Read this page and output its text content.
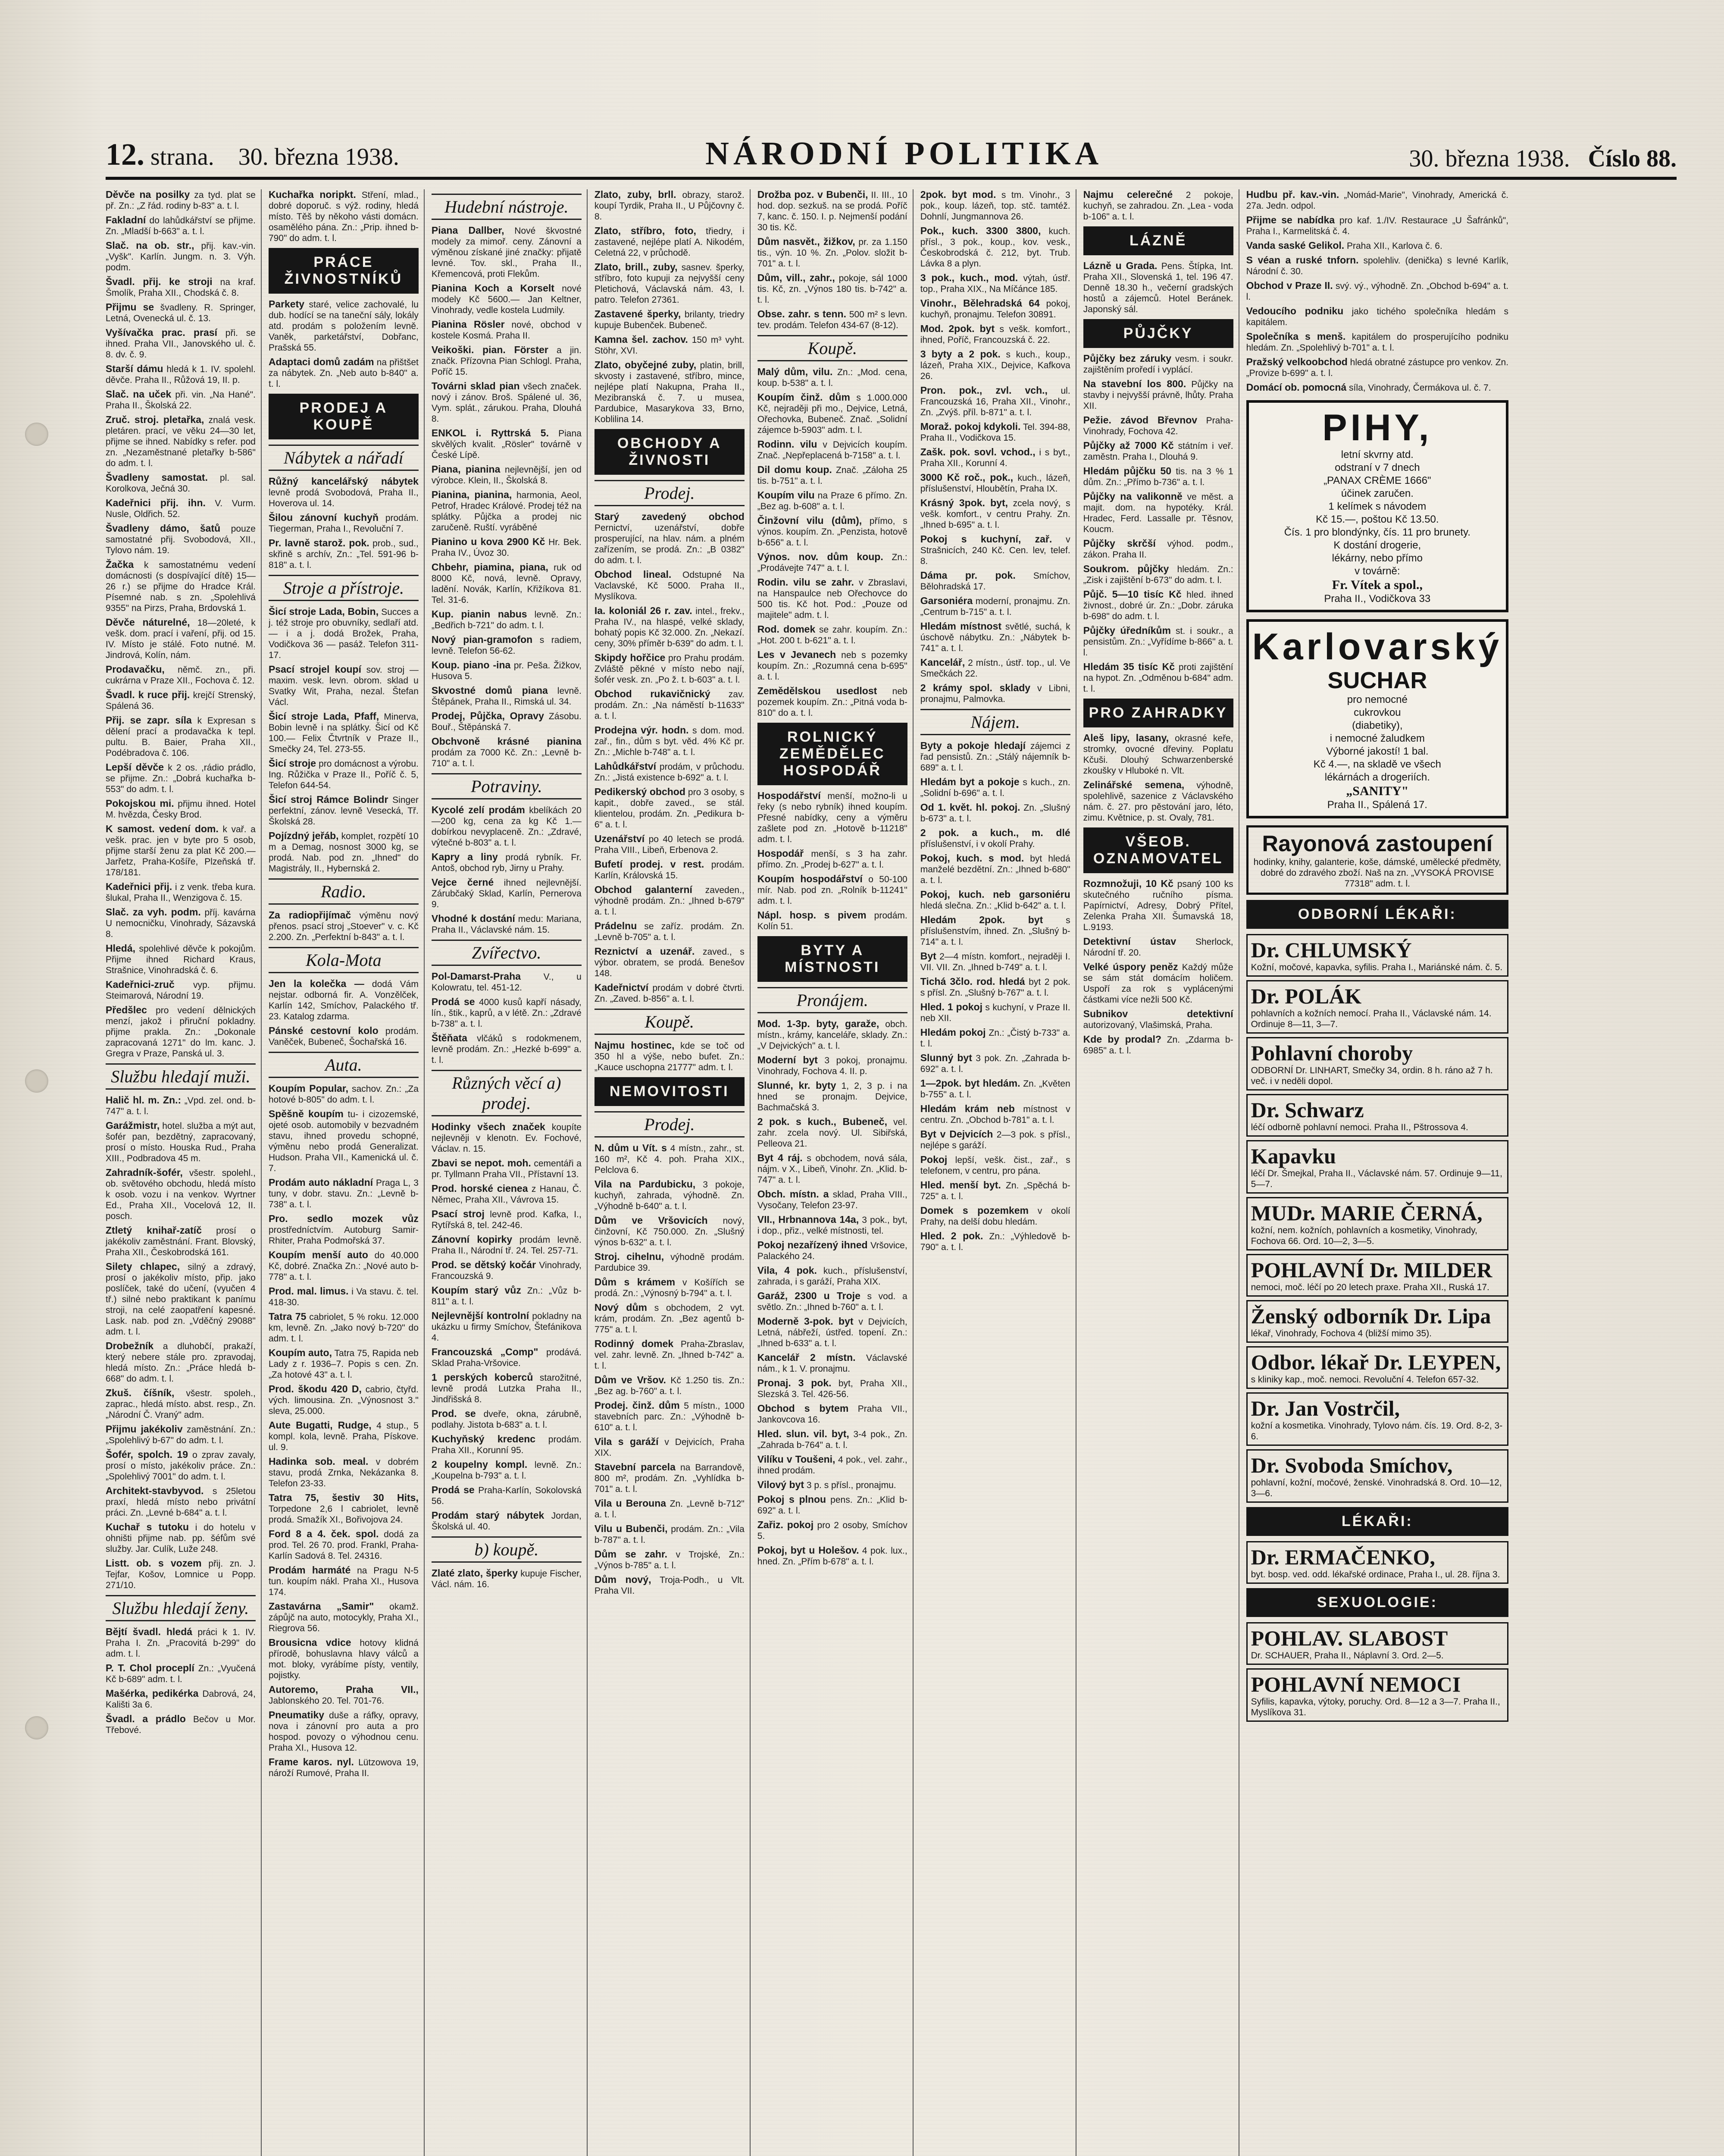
12. strana. 30. března 1938.	NÁRODNÍ POLITIKA	30. března 1938. Číslo 88.

Děvče na posilky za tyd. plat se př. Zn.: „Z řád. rodiny b-83" a. t. l.

Fakladní do lahůdkářství se přijme. Zn. „Mladší b-663" a. t. l.

Slač. na ob. str., přij. kav.-vin. „Vyšk". Karlín. Jungm. n. 3. Výh. podm.

Švadl. přij. ke stroji na kraf. Šmolík, Praha XII., Chodská č. 8.

Přijmu se švadleny. R. Springer, Letná, Ovenecká ul. č. 13.

Vyšívačka prac. prasí při. se ihned. Praha VII., Janovského ul. č. 8. dv. č. 9.

Starší dámu hledá k 1. IV. spolehl. děvče. Praha II., Růžová 19, II. p.

Slač. na uček při. vin. „Na Hané". Praha II., Školská 22.

Zruč. stroj. pletařka, znalá vesk. pletáren. prací, ve věku 24—30 let, přijme se ihned. Nabídky s refer. pod zn. „Nezaměstnané pletařky b-586" do adm. t. l.

Švadleny samostat. pl. sal. Korolkova, Ječná 30.

Kadeřnici přij. ihn. V. Vurm. Nusle, Oldřich. 52.

Švadleny dámo, šatů pouze samostatné přij. Svobodová, XII., Tylovo nám. 19.

Žačka k samostatnému vedení domácnosti (s dospívající dítě) 15—26 r.) se přijme do Hradce Král. Písemné nab. s zn. „Spolehlivá 9355" na Pirzs, Praha, Brdovská 1.

Děvče náturelné, 18—20leté, k vešk. dom. prací i vaření, přij. od 15. IV. Místo je stálé. Foto nutné. M. Jindrová, Kolín, nám.

Prodavačku, němč. zn., při. cukrárna v Praze XII., Fochova č. 12.

Švadl. k ruce přij. krejčí Strenský, Spálená 36.

Přij. se zapr. síla k Expresan s dělení prací a prodavačka k tepl. pultu. B. Baier, Praha XII., Podébradova č. 106.

Lepší děvče k 2 os. ,rádio prádlo, se přijme. Zn.: „Dobrá kuchařka b-553" do adm. t. l.

Pokojskou mi. přijmu ihned. Hotel M. hvězda, Česky Brod.

K samost. vedení dom. k vař. a vešk. prac. jen v byte pro 5 osob, přijme starší ženu za plat Kč 200.— Jarřetz, Praha-Košíře, Plzeňská tř. 178/181.

Kadeřnici přij. i z venk. třeba kura. šlukal, Praha II., Wenzigova č. 15.

Slač. za vyh. podm. příj. kavárna U nemocničku, Vinohrady, Sázavská 8.

Hledá, spolehlivé děvče k pokojům. Přijme ihned Richard Kraus, Strašnice, Vinohradská č. 6.

Kadeřnici-zruč vyp. přijmu. Steimarová, Národní 19.

Předšlec pro vedení dělnických menzí, jakož i přiruční pokladny. přijme prakla. Zn.: „Dokonale zapracovaná 1271" do lm. kanc. J. Gregra v Praze, Panská ul. 3.

Službu hledají muži.

Halič hl. m. Zn.: „Vpd. zel. ond. b-747" a. t. l.

Garážmistr, hotel. služba a mýt aut, šofér pan, bezdětný, zapracovaný, prosí o místo. Houska Rud., Praha XIII., Podbradova 45 m.

Zahradník-šofér, všestr. spolehl., ob. světového obchodu, hledá místo k osob. vozu i na venkov. Wyrtner Ed., Praha XII., Vocelová 12, II. posch.

Ztletý knihař-zatíč prosí o jakékoliv zaměstnání. Frant. Blovský, Praha XII., Českobrodská 161.

Silety chlapec, silný a zdravý, prosí o jakékoliv místo, přip. jako poslíček, také do učení, (vyučen 4 tř.) silné nebo praktikant k panímu stroji, na celé zaopatření kapesné. Lask. nab. pod zn. „Vděčný 29088" adm. t. l.

Drobežník a dluhobčí, prakaží, který nebere stále pro. zpravodaj, hledá místo. Zn.: „Práce hledá b-668" do adm. t. l.

Zkuš. číšník, všestr. spoleh., zaprac., hledá místo. abst. resp., Zn. „Národní Č. Vraný" adm.

Přijmu jakékoliv zaměstnání. Zn.: „Spolehlivý b-67" do adm. t. l.

Šofér, spolch. 19 o zprav zavaly, prosí o místo, jakékoliv práce. Zn.: „Spolehlivý 7001" do adm. t. l.

Architekt-stavbyvod. s 25letou praxí, hledá místo nebo privátní práci. Zn. „Levné b-684" a. t. l.

Kuchař s tutoku i do hotelu v ohništi přijme nab. pp. šéfům své služby. Jar. Culík, Luže 248.

Listt. ob. s vozem přij. zn. J. Tejfar, Košov, Lomnice u Popp. 271/10.

Službu hledají ženy.

Bějtí švadl. hledá práci k 1. IV. Praha I. Zn. „Pracovitá b-299" do adm. t. l.

P. T. Chol proceplí Zn.: „Vyučená Kč b-689" adm. t. l.

Mašérka, pedikérka Dabrová, 24, Kališti 3a 6.

Švadl. a prádlo Bečov u Mor. Třebové.

Kuchařka noripkt. Stření, mlad., dobré doporuč. s výž. rodiny, hledá místo. Těš by někoho vásti domácn. osamělého pána. Zn.: „Prip. ihned b-790" do adm. t. l.

PRÁCE ŽIVNOSTNÍKŮ

Parkety staré, velice zachovalé, lu dub. hodící se na taneční sály, lokály atd. prodám s položením levně. Vaněk, parketářství, Dobřanc, Prašská 55.

Adaptaci domů zadám na přištšet za nábytek. Zn. „Neb auto b-840" a. t. l.

PRODEJ A KOUPĚ
Nábytek a nářadí

Růžný kancelářský nábytek levně prodá Svobodová, Praha II., Hoverova ul. 14.

Šilou zánovní kuchyň prodám. Tiegerman, Praha I., Revoluční 7.

Pr. lavně starož. pok. prob., sud., skřině s archív, Zn.: „Tel. 591-96 b-818" a. t. l.

Stroje a přístroje.

Šicí stroje Lada, Bobin, Succes a j. též stroje pro obuvníky, sedlaří atd. — i a j. dodá Brožek, Praha, Vodičkova 36 — pasáž. Telefon 311-17.

Psací strojel koupí sov. stroj — maxim. vesk. levn. obrom. sklad u Svatky Wit, Praha, nezal. Štefan Václ.

Šicí stroje Lada, Pfaff, Minerva, Bobin levně i na splátky. Šicí od Kč 100.— Felix Čtvrtník v Praze II., Smečky 24, Tel. 273-55.

Šicí stroje pro domácnost a výrobu. Ing. Růžička v Praze II., Poříč č. 5, Telefon 644-54.

Šicí stroj Rámce Bolindr Singer perfektní, zánov. levně Vesecká, Tř. Školská 28.

Pojízdný jeřáb, komplet, rozpětí 10 m a Demag, nosnost 3000 kg, se prodá. Nab. pod zn. „Ihned" do Magistrály, II., Hybernská 2.

Radio.

Za radiopřijímač výměnu nový přenos. psací stroj „Stoever" v. c. Kč 2.200. Zn. „Perfektní b-843" a. t. l.

Kola-Mota

Jen la kolečka — dodá Vám nejstar. odborná fir. A. Vonzělček, Karlín 142, Smíchov, Palackého tř. 23. Katalog zdarma.

Pánské cestovní kolo prodám. Vaněček, Bubeneč, Šochařská 16.

Auta.

Koupím Popular, sachov. Zn.: „Za hotové b-805" do adm. t. l.

Spěšně koupím tu- i cizozemské, ojeté osob. automobily v bezvadném stavu, ihned provedu schopné, výměnu nebo prodá Generalizat. Hudson. Praha VII., Kamenická ul. č. 7.

Prodám auto nákladní Praga L, 3 tuny, v dobr. stavu. Zn.: „Levně b-738" a. t. l.

Pro. sedlo mozek vůz prostředníctvím. Autoburg Samir-Rhiter, Praha Podmořská 37.

Koupím menší auto do 40.000 Kč, dobré. Značka Zn.: „Nové auto b-778" a. t. l.

Prod. mal. limus. i Va stavu. č. tel. 418-30.

Tatra 75 cabriolet, 5 % roku. 12.000 km, levně. Zn. „Jako nový b-720" do adm. t. l.

Koupím auto, Tatra 75, Rapida neb Lady z r. 1936–7. Popis s cen. Zn. „Za hotové 43" a. t. l.

Prod. škodu 420 D, cabrio, čtyřd. vých. limousina. Zn. „Výnosnost 3." sleva, 25.000.

Aute Bugatti, Rudge, 4 stup., 5 kompl. kola, levně. Praha, Pískove. ul. 9.

Hadinka sob. meal. v dobrém stavu, prodá Zrnka, Nekázanka 8. Telefon 23-33.

Tatra 75, šestiv 30 Hits, Torpedone 2,6 l cabriolet, levně prodá. Smažík XI., Bořivojova 24.

Ford 8 a 4. ček. spol. dodá za prod. Tel. 26 70. prod. Frankl, Praha-Karlín Sadová 8. Tel. 24316.

Prodám harmáté na Pragu N-5 tun. koupím nákl. Praha XI., Husova 174.

Zastavárna „Samir" okamž. zápůjč na auto, motocykly, Praha XI., Riegrova 56.

Brousicna vdice hotovy klidná přírodě, bohuslavna hlavy válců a mot. bloky, vyrábíme písty, ventily, pojistky.

Autoremo, Praha VII., Jablonského 20. Tel. 701-76.

Pneumatiky duše a ráfky, opravy, nova i zánovní pro auta a pro hospod. povozy o výhodnou cenu. Praha XI., Husova 12.

Frame karos. nyl. Lützowova 19, nároží Rumové, Praha II.

Hudební nástroje.

Piana Dallber, Nové škvostné modely za mimoř. ceny. Zánovní a výměnou získané jiné značky: přijatě levné. Tov. skl., Praha II., Křemencová, proti Flekům.

Pianina Koch a Korselt nové modely Kč 5600.— Jan Keltner, Vinohrady, vedle kostela Ludmily.

Pianina Rösler nové, obchod v kostele Kosmá. Praha II.

Veikoški. pian. Förster a jin. značk. Přízovna Pian Schlogl. Praha, Poříč 15.

Továrni sklad pian všech značek. nový i zánov. Broš. Spálené ul. 36, Vym. splát., zárukou. Praha, Dlouhá 8.

ENKOL i. Ryttrská 5. Piana skvělých kvalit. „Rösler" továrně v České Lípě.

Piana, pianina nejlevnější, jen od výrobce. Klein, II., Školská 8.

Pianina, pianina, harmonia, Aeol, Petrof, Hradec Králové. Prodej též na splátky. Půjčka a prodej nic zaručeně. Ruští. vyráběné

Pianino u kova 2900 Kč Hr. Bek. Praha IV., Úvoz 30.

Chbehr, piamina, piana, ruk od 8000 Kč, nová, levně. Opravy, ladění. Novák, Karlín, Křižíkova 81. Tel. 31-6.

Kup. pianin nabus levně. Zn.: „Bedřich b-721" do adm. t. l.

Nový pian-gramofon s radiem, levně. Telefon 56-62.

Koup. piano -ina pr. Peša. Žižkov, Husova 5.

Skvostné domů piana levně. Štěpánek, Praha II., Rimská ul. 34.

Prodej, Půjčka, Opravy Zásobu. Bouř., Štěpánská 7.

Obchvoně krásné pianina prodám za 7000 Kč. Zn.: „Levně b-710" a. t. l.

Potraviny.

Kycolé zelí prodám kbelíkách 20—200 kg, cena za kg Kč 1.— dobírkou nevyplaceně. Zn.: „Zdravé, výtečné b-803" a. t. l.

Kapry a liny prodá rybník. Fr. Antoš, obchod ryb, Jirny u Prahy.

Vejce černé ihned nejlevnější. Zárubčaký Sklad, Karlín, Pernerova 9.

Vhodné k dostání medu: Mariana, Praha II., Václavské nám. 15.

Zvířectvo.

Pol-Damarst-Praha V., u Kolowratu, tel. 451-12.

Prodá se 4000 kusů kapří násady, lín., štik., kaprů, a v létě. Zn.: „Zdravé b-738" a. t. l.

Štěňata vlčáků s rodokmenem, levně prodám. Zn.: „Hezké b-699" a. t. l.

Různých věcí a) prodej.

Hodinky všech značek koupíte nejlevněji v klenotn. Ev. Fochové, Václav. n. 15.

Zbavi se nepot. moh. cementáři a pr. Tyllmann Praha VII., Přístavní 13.

Prod. horské cienea z Hanau, Č. Němec, Praha XII., Vávrova 15.

Psací stroj levně prod. Kafka, I., Rytířská 8, tel. 242-46.

Zánovní kopirky prodám levně. Praha II., Národní tř. 24. Tel. 257-71.

Prod. se dětský kočár Vinohrady, Francouzská 9.

Koupím starý vůz Zn.: „Vůz b-811" a. t. l.

Nejlevnější kontrolní pokladny na ukázku u firmy Smíchov, Štefánikova 4.

Francouzská „Comp" prodává. Sklad Praha-Vršovice.

1 perských koberců starožitné, levně prodá Lutzka Praha II., Jindřišská 8.

Prod. se dveře, okna, zárubně, podlahy. Jistota b-683" a. t. l.

Kuchyňský kredenc prodám. Praha XII., Korunní 95.

2 koupelny kompl. levně. Zn.: „Koupelna b-793" a. t. l.

Prodá se Praha-Karlín, Sokolovská 56.

Prodám starý nábytek Jordan, Školská ul. 40.

b) koupě.

Zlaté zlato, šperky kupuje Fischer, Václ. nám. 16.

Zlato, zuby, brll. obrazy, starož. koupí Tyrdik, Praha II., U Půjčovny č. 8.

Zlato, stříbro, foto, třiedry, i zastavené, nejlépe platí A. Nikodém, Celetná 22, v průchodě.

Zlato, brill., zuby, sasnev. šperky, stříbro, foto kupuji za nejvyšší ceny Pletichová, Václavská nám. 43, I. patro. Telefon 27361.

Zastavené šperky, brilanty, triedry kupuje Bubenček. Bubeneč.

Kamna šel. zachov. 150 m³ vyht. Stöhr, XVI.

Zlato, obyčejné zuby, platin, brill, skvosty i zastavené, stříbro, mince, nejlépe platí Nakupna, Praha II., Mezibranská č. 7. u musea, Pardubice, Masarykova 33, Brno, Koblilina 14.

OBCHODY A ŽIVNOSTI
Prodej.

Starý zavedený obchod Pernictví, uzenářství, dobře prosperující, na hlav. nám. a plném zařízením, se prodá. Zn.: „B 0382" do adm. t. l.

Obchod lineal. Odstupné Na Vaclavské, Kč 5000. Praha II., Myslíkova.

Ia. koloniál 26 r. zav. intel., frekv., Praha IV., na hlaspé, velké sklady, bohatý popis Kč 32.000. Zn. „Nekazí. ceny, 30% příměr b-639" do adm. t. l.

Skipdy hořčice pro Prahu prodám. Zvláště pěkné v místo nebo nají, šofér vesk. zn. „Po ž. t. b-603" a. t. l.

Obchod rukavičnický zav. prodám. Zn.: „Na náměstí b-11633" a. t. l.

Prodejna výr. hodn. s dom. mod. zař., fin., dům s byt. věd. 4% Kč pr. Zn.: „Michle b-748" a. t. l.

Lahůdkářství prodám, v průchodu. Zn.: „Jistá existence b-692" a. t. l.

Pedikerský obchod pro 3 osoby, s kapit., dobře zaved., se stál. klientelou, prodám. Zn. „Pedikura b-6" a. t. l.

Uzenářství po 40 letech se prodá. Praha VIII., Libeň, Erbenova 2.

Bufetí prodej. v rest. prodám. Karlín, Královská 15.

Obchod galanterní zaveden., výhodně prodám. Zn.: „Ihned b-679" a. t. l.

Prádelnu se zaříz. prodám. Zn. „Levně b-705" a. t. l.

Reznictví a uzenář. zaved., s výbor. obratem, se prodá. Benešov 148.

Kadeřnictví prodám v dobré čtvrti. Zn. „Zaved. b-856" a. t. l.

Koupě.

Najmu hostinec, kde se toč od 350 hl a výše, nebo bufet. Zn.: „Kauce uschopna 21777" adm. t. l.

NEMOVITOSTI
Prodej.

N. dům u Vít. s 4 místn., zahr., st. 160 m², Kč 4. poh. Praha XIX., Pelclova 6.

Vila na Pardubicku, 3 pokoje, kuchyň, zahrada, výhodně. Zn. „Výhodně b-640" a. t. l.

Dům ve Vršovicích nový, činžovní, Kč 750.000. Zn. „Slušný výnos b-632" a. t. l.

Stroj. cihelnu, výhodně prodám. Pardubice 39.

Dům s krámem v Košířích se prodá. Zn.: „Výnosný b-794" a. t. l.

Nový dům s obchodem, 2 vyt. krám, prodám. Zn. „Bez agentů b-775" a. t. l.

Rodinný domek Praha-Zbraslav, vel. zahr. levně. Zn. „Ihned b-742" a. t. l.

Dům ve Vršov. Kč 1.250 tis. Zn.: „Bez ag. b-760" a. t. l.

Prodej. činž. dům 5 místn., 1000 stavebních parc. Zn.: „Výhodně b-610" a. t. l.

Vila s garáží v Dejvicích, Praha XIX.

Stavební parcela na Barrandově, 800 m², prodám. Zn. „Vyhlídka b-701" a. t. l.

Vila u Berouna Zn. „Levně b-712" a. t. l.

Vilu u Bubenči, prodám. Zn.: „Vila b-787" a. t. l.

Dům se zahr. v Trojské, Zn.: „Výnos b-785" a. t. l.

Dům nový, Troja-Podh., u Vlt. Praha VII.

Drožba poz. v Bubenči, II. III., 10 hod. dop. sezkuš. na se prodá. Poříč 7, kanc. č. 150. I. p. Nejmenší podání 30 tis. Kč.

Dům nasvět., žižkov, pr. za 1.150 tis., výn. 10 %. Zn. „Polov. složit b-701" a. t. l.

Dům, vill., zahr., pokoje, sál 1000 tis. Kč, zn. „Výnos 180 tis. b-742" a. t. l.

Obse. zahr. s tenn. 500 m² s levn. tev. prodám. Telefon 434-67 (8-12).

Koupě.

Malý dům, vilu. Zn.: „Mod. cena, koup. b-538" a. t. l.

Koupím činž. dům s 1.000.000 Kč, nejraději při mo., Dejvice, Letná, Ořechovka, Bubeneč. Znač. „Solidní zájemce b-5903" adm. t. l.

Rodinn. vilu v Dejvicích koupím. Znač. „Nepřeplacená b-7158" a. t. l.

Dil domu koup. Znač. „Záloha 25 tis. b-751" a. t. l.

Koupím vilu na Praze 6 přímo. Zn. „Bez ag. b-608" a. t. l.

Činžovní vilu (dům), přímo, s výnos. koupím. Zn. „Penzista, hotově b-656" a. t. l.

Výnos. nov. dům koup. Zn.: „Prodávejte 747" a. t. l.

Rodin. vilu se zahr. v Zbraslavi, na Hanspaulce neb Ořechovce do 500 tis. Kč hot. Pod.: „Pouze od majitele" adm. t. l.

Rod. domek se zahr. koupím. Zn.: „Hot. 200 t. b-621" a. t. l.

Les v Jevanech neb s pozemky koupím. Zn.: „Rozumná cena b-695" a. t. l.

Zemědělskou usedlost neb pozemek koupím. Zn.: „Pitná voda b-810" do a. t. l.

ROLNICKÝ ZEMĚDĚLEC HOSPODÁŘ

Hospodářství menší, možno-li u řeky (s nebo rybník) ihned koupím. Přesné nabídky, ceny a výměru zašlete pod zn. „Hotově b-11218" adm. t. l.

Hospodář menší, s 3 ha zahr. přímo. Zn. „Prodej b-627" a. t. l.

Koupím hospodářství o 50-100 mír. Nab. pod zn. „Rolník b-11241" adm. t. l.

Nápl. hosp. s pivem prodám. Kolín 51.

BYTY A MÍSTNOSTI
Pronájem.

Mod. 1-3p. byty, garaže, obch. místn., krámy, kanceláře, sklady. Zn.: „V Dejvických" a. t. l.

Moderní byt 3 pokoj, pronajmu. Vinohrady, Fochova 4. II. p.

Slunné, kr. byty 1, 2, 3 p. i na hned se pronajm. Dejvice, Bachmačská 3.

2 pok. s kuch., Bubeneč, vel. zahr. zcela nový. Ul. Sibiřská, Pelleova 21.

Byt 4 ráj. s obchodem, nová sála, nájm. v X., Libeň, Vinohr. Zn. „Klid. b-747" a. t. l.

Obch. místn. a sklad, Praha VIII., Vysočany, Telefon 23-97.

VII., Hrbnannova 14a, 3 pok., byt, i dop., přiz., velké místnosti, tel.

Pokoj nezařízený ihned Vršovice, Palackého 24.

Vila, 4 pok. kuch., příslušenství, zahrada, i s garáží, Praha XIX.

Garáž, 2300 u Troje s vod. a světlo. Zn.: „Ihned b-760" a. t. l.

Moderně 3-pok. byt v Dejvicích, Letná, nábřeží, ústřed. topení. Zn.: „Ihned b-633" a. t. l.

Kancelář 2 místn. Václavské nám., k 1. V. pronajmu.

Pronaj. 3 pok. byt, Praha XII., Slezská 3. Tel. 426-56.

Obchod s bytem Praha VII., Jankovcova 16.

Hled. slun. vil. byt, 3-4 pok., Zn. „Zahrada b-764" a. t. l.

Vilíku v Toušeni, 4 pok., vel. zahr., ihned prodám.

Vilový byt 3 p. s přísl., pronajmu.

Pokoj s plnou pens. Zn.: „Klid b-692" a. t. l.

Zařiz. pokoj pro 2 osoby, Smíchov 5.

Pokoj, byt u Holešov. 4 pok. lux., hned. Zn. „Přím b-678" a. t. l.

2pok. byt mod. s tm. Vinohr., 3 pok., koup. lázeň, top. stč. tamtéž. Dohnlí, Jungmannova 26.

Pok., kuch. 3300 3800, kuch. přísl., 3 pok., koup., kov. vesk., Českobrodská č. 212, byt. Trub. Lávka 8 a plyn.

3 pok., kuch., mod. výtah, ústř. top., Praha XIX., Na Míčánce 185.

Vinohr., Bělehradská 64 pokoj, kuchyň, pronajmu. Telefon 30891.

Mod. 2pok. byt s vešk. komfort., ihned, Poříč, Francouzská č. 22.

3 byty a 2 pok. s kuch., koup., lázeň, Praha XIX., Dejvice, Kafkova 26.

Pron. pok., zvl. vch., ul. Francouzská 16, Praha XII., Vinohr., Zn. „Zvýš. příl. b-871" a. t. l.

Moraž. pokoj kdykoli. Tel. 394-88, Praha II., Vodičkova 15.

Zašk. pok. sovl. vchod., i s byt., Praha XII., Korunní 4.

3000 Kč roč., pok., kuch., lázeň, příslušenství, Hloubětín, Praha IX.

Krásný 3pok. byt, zcela nový, s vešk. komfort., v centru Prahy. Zn. „Ihned b-695" a. t. l.

Pokoj s kuchyní, zař. v Strašnicích, 240 Kč. Cen. lev, telef. 8.

Dáma pr. pok. Smíchov, Bělohradská 17.

Garsoniéra moderní, pronajmu. Zn. „Centrum b-715" a. t. l.

Hledám místnost světlé, suchá, k úschově nábytku. Zn.: „Nábytek b-741" a. t. l.

Kancelář, 2 místn., ústř. top., ul. Ve Smečkách 22.

2 krámy spol. sklady v Libni, pronajmu, Palmovka.

Nájem.

Byty a pokoje hledají zájemci z řad pensistů. Zn.: „Stálý nájemník b-689" a. t. l.

Hledám byt a pokoje s kuch., zn. „Solidní b-696" a. t. l.

Od 1. květ. hl. pokoj. Zn. „Slušný b-673" a. t. l.

2 pok. a kuch., m. dlé příslušenství, i v okolí Prahy.

Pokoj, kuch. s mod. byt hledá manželé bezdětní. Zn.: „Ihned b-680" a. t. l.

Pokoj, kuch. neb garsoniéru hledá slečna. Zn.: „Klid b-642" a. t. l.

Hledám 2pok. byt s příslušenstvím, ihned. Zn. „Slušný b-714" a. t. l.

Byt 2—4 místn. komfort., nejraději I. VII. VII. Zn. „Ihned b-749" a. t. l.

Tichá 3člo. rod. hledá byt 2 pok. s přísl. Zn. „Slušný b-767" a. t. l.

Hled. 1 pokoj s kuchyní, v Praze II. neb XII.

Hledám pokoj Zn.: „Čistý b-733" a. t. l.

Slunný byt 3 pok. Zn. „Zahrada b-692" a. t. l.

1—2pok. byt hledám. Zn. „Květen b-755" a. t. l.

Hledám krám neb místnost v centru. Zn. „Obchod b-781" a. t. l.

Byt v Dejvicích 2—3 pok. s přísl., nejlépe s garáží.

Pokoj lepší, vešk. čist., zař., s telefonem, v centru, pro pána.

Hled. menší byt. Zn. „Spěchá b-725" a. t. l.

Domek s pozemkem v okolí Prahy, na delší dobu hledám.

Hled. 2 pok. Zn.: „Výhledově b-790" a. t. l.

Najmu celerečné 2 pokoje, kuchyň, se zahradou. Zn. „Lea - voda b-106" a. t. l.

LÁZNĚ

Lázně u Grada. Pens. Štípka, Int. Praha XII., Slovenská 1, tel. 196 47. Denně 18.30 h., večerní gradských hostů a zájemců. Hotel Beránek. Japonský sál.

PŮJČKY

Půjčky bez záruky vesm. i soukr. zajištěním proředí i vyplácí.

Na stavební los 800. Půjčky na stavby i nejvyšší právně, lhůty. Praha XII.

Pežie. závod Břevnov Praha-Vinohrady, Fochova 42.

Půjčky až 7000 Kč státním i veř. zaměstn. Praha I., Dlouhá 9.

Hledám půjčku 50 tis. na 3 % 1 dům. Zn.: „Přímo b-736" a. t. l.

Půjčky na valikonně ve měst. a majit. dom. na hypotéky. Král. Hradec, Ferd. Lassalle pr. Těsnov, Koucm.

Půjčky skrčší výhod. podm., zákon. Praha II.

Soukrom. půjčky hledám. Zn.: „Zisk i zajištění b-673" do adm. t. l.

Půjč. 5—10 tisíc Kč hled. ihned živnost., dobré úr. Zn.: „Dobr. záruka b-698" do adm. t. l.

Půjčky úředníkům st. i soukr., a pensistům. Zn.: „Vyřídíme b-866" a. t. l.

Hledám 35 tisíc Kč proti zajištění na hypot. Zn. „Odměnou b-684" adm. t. l.

PRO ZAHRADKY

Aleš lipy, lasany, okrasné keře, stromky, ovocné dřeviny. Poplatu Kčuši. Dlouhý Schwarzenberské zkoušky v Hluboké n. Vlt.

Zelinářské semena, výhodně, spolehlivě, sazenice z Václavského nám. č. 27. pro pěstování jaro, léto, zimu. Květnice, p. st. Ovaly, 781.

VŠEOB. OZNAMOVATEL

Rozmnožuji, 10 Kč psaný 100 ks skutečného ručního písma. Papírnictví, Adresy, Dobrý Přítel, Zelenka Praha XII. Šumavská 18, L.9193.

Detektivní ústav Sherlock, Národní tř. 20.

Velké úspory peněz Každý může se sám stát domácím holičem. Uspoří za rok s vyplácenými částkami více nežli 500 Kč.

Subnikov detektivní autorizovaný, Vlašimská, Praha.

Kde by prodal? Zn. „Zdarma b-6985" a. t. l.

Hudbu př. kav.-vin. „Nomád-Marie", Vinohrady, Americká č. 27a. Jedn. odpol.

Přijme se nabídka pro kaf. 1./IV. Restaurace „U Šafránků", Praha I., Karmelitská č. 4.

Vanda saské Gelikol. Praha XII., Karlova č. 6.

S véan a ruské tnforn. spolehliv. (denička) s levné Karlík, Národní č. 30.

Obchod v Praze II. svý. vý., výhodně. Zn. „Obchod b-694" a. t. l.

Vedoucího podniku jako tichého společníka hledám s kapitálem.

Společníka s menš. kapitálem do prosperujícího podniku hledám. Zn. „Spolehlivý b-701" a. t. l.

Pražský velkoobchod hledá obratné zástupce pro venkov. Zn. „Provize b-699" a. t. l.

Domácí ob. pomocná síla, Vinohrady, Čermákova ul. č. 7.

PIHY,
letní skvrny atd.
odstraní v 7 dnech
„PANAX CRÈME 1666"
účinek zaručen.
1 kelímek s návodem
Kč 15.—, poštou Kč 13.50.
Čís. 1 pro blondýnky, čís. 11 pro brunety.
K dostání drogerie,
lékárny, nebo přímo
v továrně:
Fr. Vítek a spol.,
Praha II., Vodičkova 33
Karlovarský
SUCHAR
pro nemocné
cukrovkou
(diabetiky),
i nemocné žaludkem
Výborné jakostí! 1 bal.
Kč 4.—, na skladě ve všech
lékárnách a drogeriích.
„SANITY"
Praha II., Spálená 17.
Rayonová zastoupení
hodinky, knihy, galanterie, koše, dámské, umělecké předměty, dobré do zdravého zboží. Naš na zn. „VYSOKÁ PROVISE 77318" adm. t. l.
ODBORNÍ LÉKAŘI:
Dr. CHLUMSKÝ
Kožní, močové, kapavka, syfilis. Praha I., Mariánské nám. č. 5.
Dr. POLÁK
pohlavních a kožních nemocí. Praha II., Václavské nám. 14. Ordinuje 8—11, 3—7.
Pohlavní choroby
ODBORNÍ Dr. LINHART, Smečky 34, ordin. 8 h. ráno až 7 h. več. i v neděli dopol.
Dr. Schwarz
léčí odborně pohlavní nemoci. Praha II., Pštrossova 4.
Kapavku
léčí Dr. Šmejkal, Praha II., Václavské nám. 57. Ordinuje 9—11, 5—7.
MUDr. MARIE ČERNÁ,
kožní, nem. kožních, pohlavních a kosmetiky, Vinohrady, Fochova 66. Ord. 10—2, 3—5.
POHLAVNÍ Dr. MILDER
nemoci, moč. léčí po 20 letech praxe. Praha XII., Ruská 17.
Ženský odborník Dr. Lipa
lékař, Vinohrady, Fochova 4 (bližší mimo 35).
Odbor. lékař Dr. LEYPEN,
s kliniky kap., moč. nemoci. Revoluční 4. Telefon 657-32.
Dr. Jan Vostrčil,
kožní a kosmetika. Vinohrady, Tylovo nám. čís. 19. Ord. 8-2, 3-6.
Dr. Svoboda Smíchov,
pohlavní, kožní, močové, ženské. Vinohradská 8. Ord. 10—12, 3—6.
LÉKAŘI:
Dr. ERMAČENKO,
byt. bosp. ved. odd. lékařské ordinace, Praha I., ul. 28. října 3.
SEXUOLOGIE:
POHLAV. SLABOST
Dr. SCHAUER, Praha II., Náplavní 3. Ord. 2—5.
POHLAVNÍ NEMOCI
Syfilis, kapavka, výtoky, poruchy. Ord. 8—12 a 3—7. Praha II., Myslíkova 31.
